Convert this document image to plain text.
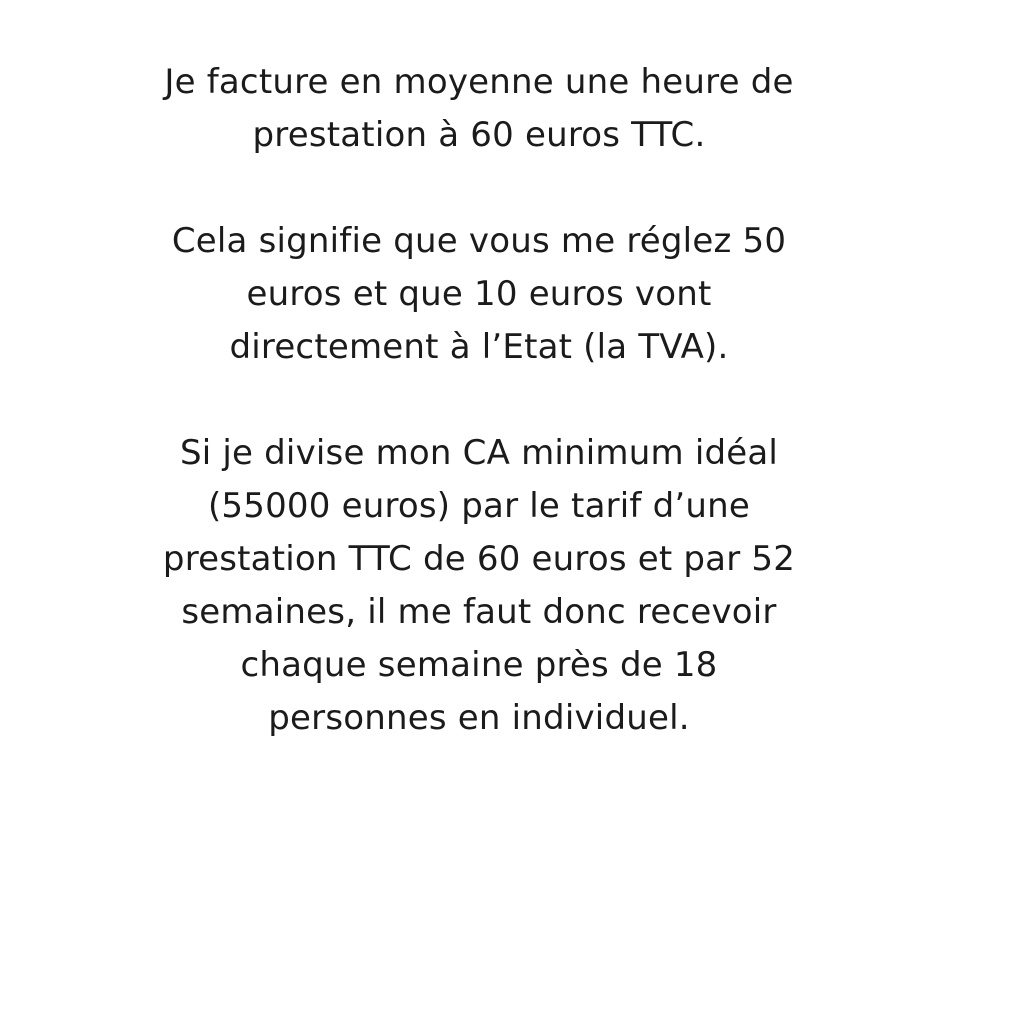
Je facture en moyenne une heure de
prestation à 60 euros TTC.
Cela signifie que vous me réglez 50
euros et que 10 euros vont
directement à l’Etat (la TVA).
Si je divise mon CA minimum idéal
(55000 euros) par le tarif d’une
prestation TTC de 60 euros et par 52
semaines, il me faut donc recevoir
chaque semaine près de 18
personnes en individuel.
